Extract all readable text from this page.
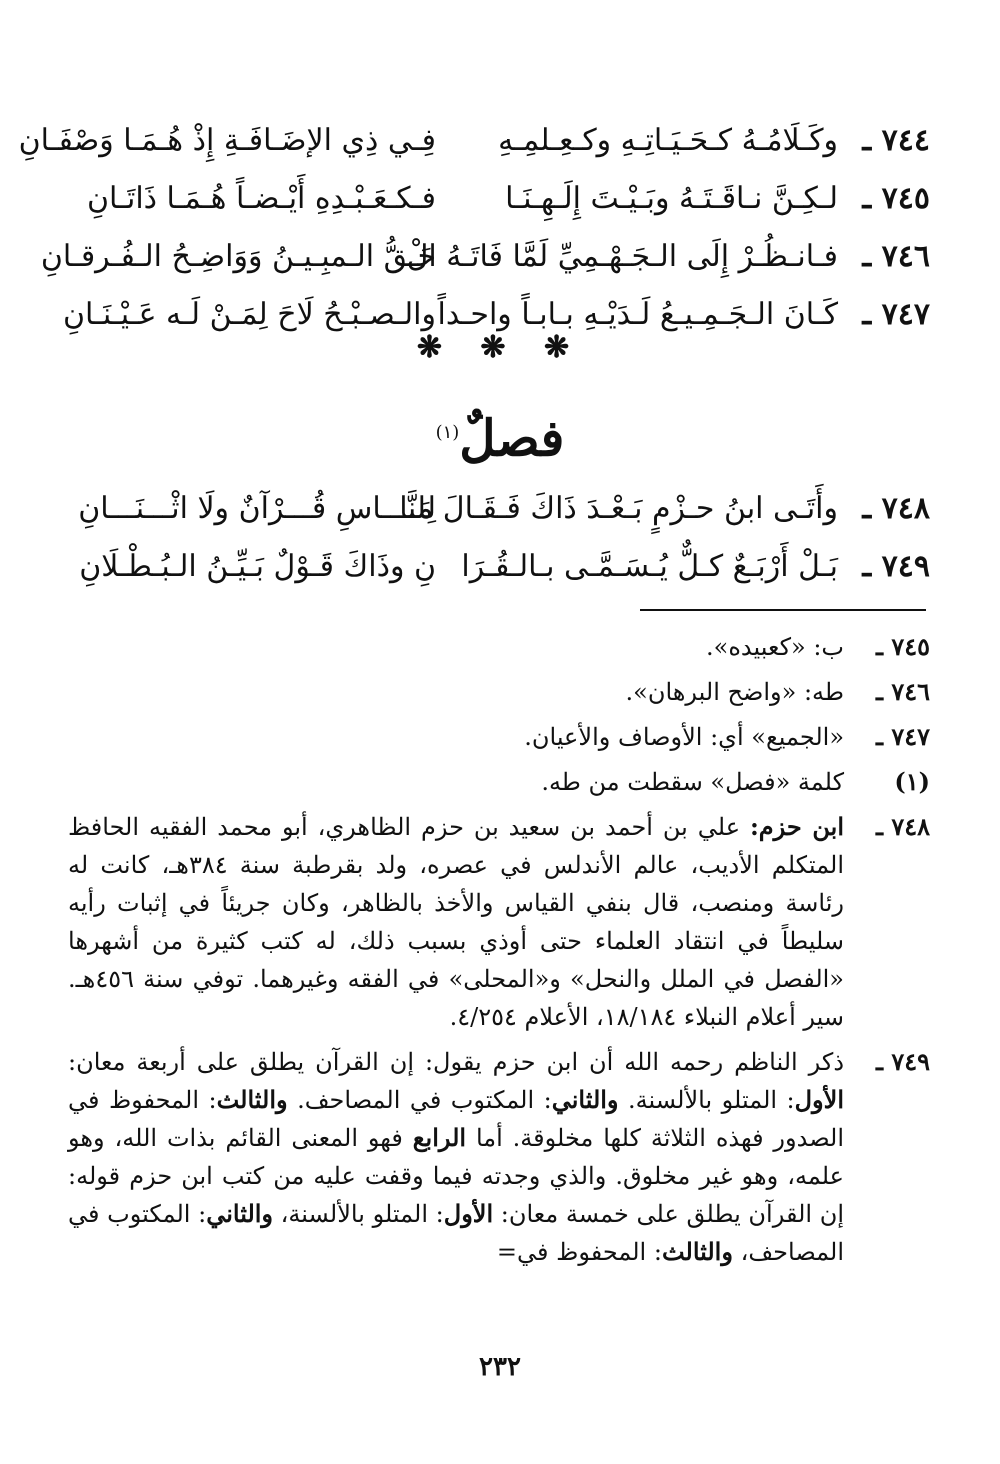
٧٤٤ ـ
وكَـلَامُـهُ كـحَـيَـاتِـهِ وكـعِـلمِـهِ
فِـي ذِي الإضَـافَـةِ إِذْ هُـمَـا وَصْفَـانِ
٧٤٥ ـ
لـكِـنَّ نـاقَـتَـهُ وبَـيْـتَ إِلَـهِـنَـا
فـكـعَـبْـدِهِ أَيْـضـاً هُـمَـا ذَاتَـانِ
٧٤٦ ـ
فـانـظُـرْ إِلَى الـجَـهْـمِيِّ لَمَّا فَاتَـهُ الْ
حَـقُّ الـمبِـيـنُ وَوَاضِـحُ الـفُـرقـانِ
٧٤٧ ـ
كَـانَ الـجَـمِـيـعُ لَـدَيْـهِ بـابـاً واحـداً
والـصـبْـحُ لَاحَ لِمَـنْ لَـه عَـيْـنَـانِ
❋ ❋ ❋
فصلٌ$^{(١)}$
٧٤٨ ـ
وأَتَـى ابنُ حـزْمٍ بَـعْـدَ ذَاكَ فَـقَـالَ مَـا
لِلنَّـــاسِ قُـــرْآنٌ ولَا اثْـــنَـــانِ
٧٤٩ ـ
بَـلْ أَرْبَـعٌ كـلٌّ يُـسَـمَّـى بـالـقُـرَا
نِ وذَاكَ قَـوْلٌ بَـيِّـنُ الـبُـطْـلَانِ
٧٤٥ ـ
ب: «كعبيده».
٧٤٦ ـ
طه: «واضح البرهان».
٧٤٧ ـ
«الجميع» أي: الأوصاف والأعيان.
(١)
كلمة «فصل» سقطت من طه.
٧٤٨ ـ
ابن حزم: علي بن أحمد بن سعيد بن حزم الظاهري، أبو محمد الفقيه الحافظ المتكلم الأديب، عالم الأندلس في عصره، ولد بقرطبة سنة ٣٨٤هـ، كانت له رئاسة ومنصب، قال بنفي القياس والأخذ بالظاهر، وكان جريئاً في إثبات رأيه سليطاً في انتقاد العلماء حتى أوذي بسبب ذلك، له كتب كثيرة من أشهرها «الفصل في الملل والنحل» و«المحلى» في الفقه وغيرهما. توفي سنة ٤٥٦هـ. سير أعلام النبلاء ١٨/١٨٤، الأعلام ٤/٢٥٤.
٧٤٩ ـ
ذكر الناظم رحمه الله أن ابن حزم يقول: إن القرآن يطلق على أربعة معان: الأول: المتلو بالألسنة. والثاني: المكتوب في المصاحف. والثالث: المحفوظ في الصدور فهذه الثلاثة كلها مخلوقة. أما الرابع فهو المعنى القائم بذات الله، وهو علمه، وهو غير مخلوق. والذي وجدته فيما وقفت عليه من كتب ابن حزم قوله: إن القرآن يطلق على خمسة معان: الأول: المتلو بالألسنة، والثاني: المكتوب في المصاحف، والثالث: المحفوظ في=
٢٣٢
